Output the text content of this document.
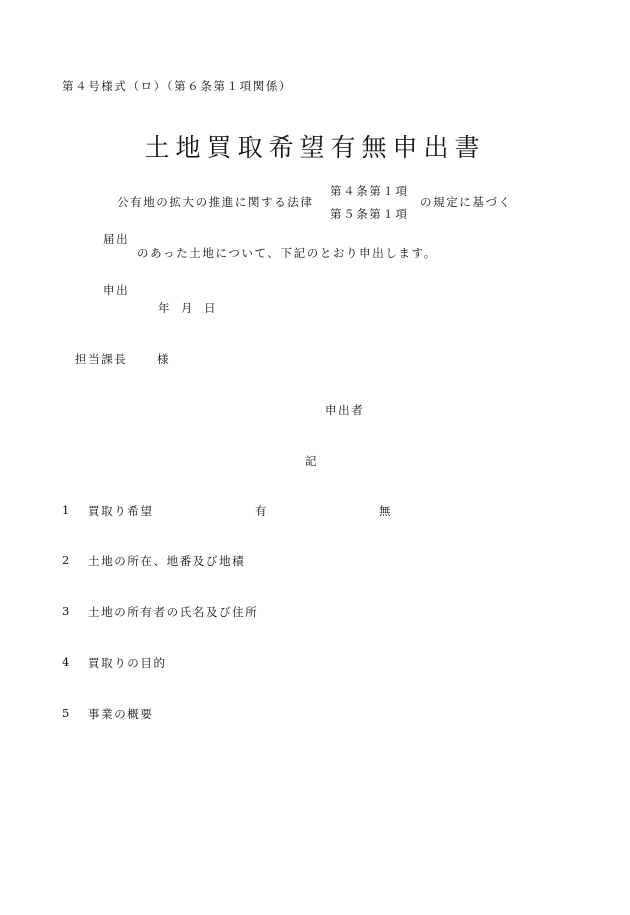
第４号様式（ロ）（第６条第１項関係）
土地買取希望有無申出書
公有地の拡大の推進に関する法律
第４条第１項
第５条第１項
の規定に基づく
届出
申出
のあった土地について、下記のとおり申出します。
年 月 日
担当課長	様
申出者
記
1 買取り希望	有	無
2 土地の所在、地番及び地積
3 土地の所有者の氏名及び住所
4 買取りの目的
5 事業の概要
